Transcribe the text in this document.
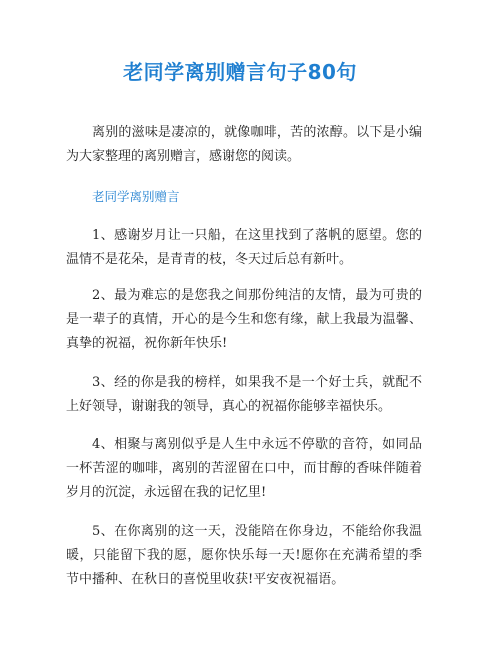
老同学离别赠言句子80句

离别的滋味是凄凉的，就像咖啡，苦的浓醇。以下是小编为大家整理的离别赠言，感谢您的阅读。

老同学离别赠言

1、感谢岁月让一只船，在这里找到了落帆的愿望。您的温情不是花朵，是青青的枝，冬天过后总有新叶。

2、最为难忘的是您我之间那份纯洁的友情，最为可贵的是一辈子的真情，开心的是今生和您有缘，献上我最为温馨、真挚的祝福，祝你新年快乐!

3、经的你是我的榜样，如果我不是一个好士兵，就配不上好领导，谢谢我的领导，真心的祝福你能够幸福快乐。

4、相聚与离别似乎是人生中永远不停歇的音符，如同品一杯苦涩的咖啡，离别的苦涩留在口中，而甘醇的香味伴随着岁月的沉淀，永远留在我的记忆里!

5、在你离别的这一天，没能陪在你身边，不能给你我温暖，只能留下我的愿，愿你快乐每一天!愿你在充满希望的季节中播种、在秋日的喜悦里收获!平安夜祝福语。
